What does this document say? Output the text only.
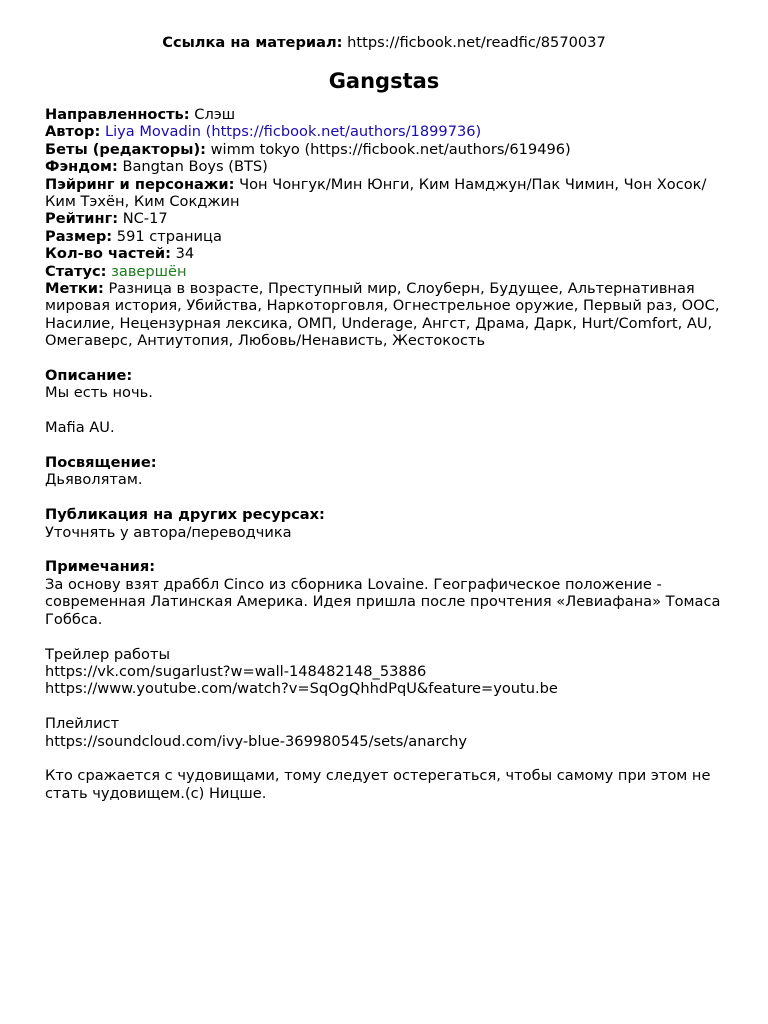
Ссылка на материал: https://ficbook.net/readfic/8570037
Gangstas
Направленность: Слэш
Автор: Liya Movadin (https://ficbook.net/authors/1899736)
Беты (редакторы): wimm tokyo (https://ficbook.net/authors/619496)
Фэндом: Bangtan Boys (BTS)
Пэйринг и персонажи: Чон Чонгук/Мин Юнги, Ким Намджун/Пак Чимин, Чон Хосок/Ким Тэхён, Ким Сокджин
Рейтинг: NC-17
Размер: 591 страница
Кол-во частей: 34
Статус: завершён
Метки: Разница в возрасте, Преступный мир, Слоуберн, Будущее, Альтернативная мировая история, Убийства, Наркоторговля, Огнестрельное оружие, Первый раз, ООС, Насилие, Нецензурная лексика, ОМП, Underage, Ангст, Драма, Дарк, Hurt/Comfort, AU, Омегаверс, Антиутопия, Любовь/Ненависть, Жестокость
Описание:
Мы есть ночь.
Mafia AU.
Посвящение:
Дьяволятам.
Публикация на других ресурсах:
Уточнять у автора/переводчика
Примечания:
За основу взят драббл Cinco из сборника Lovaine. Географическое положение - современная Латинская Америка. Идея пришла после прочтения «Левиафана» Томаса Гоббса.
Трейлер работы
https://vk.com/sugarlust?w=wall-148482148_53886
https://www.youtube.com/watch?v=SqOgQhhdPqU&feature=youtu.be
Плейлист
https://soundcloud.com/ivy-blue-369980545/sets/anarchy
Кто сражается с чудовищами, тому следует остерегаться, чтобы самому при этом не стать чудовищем.(с) Ницше.
